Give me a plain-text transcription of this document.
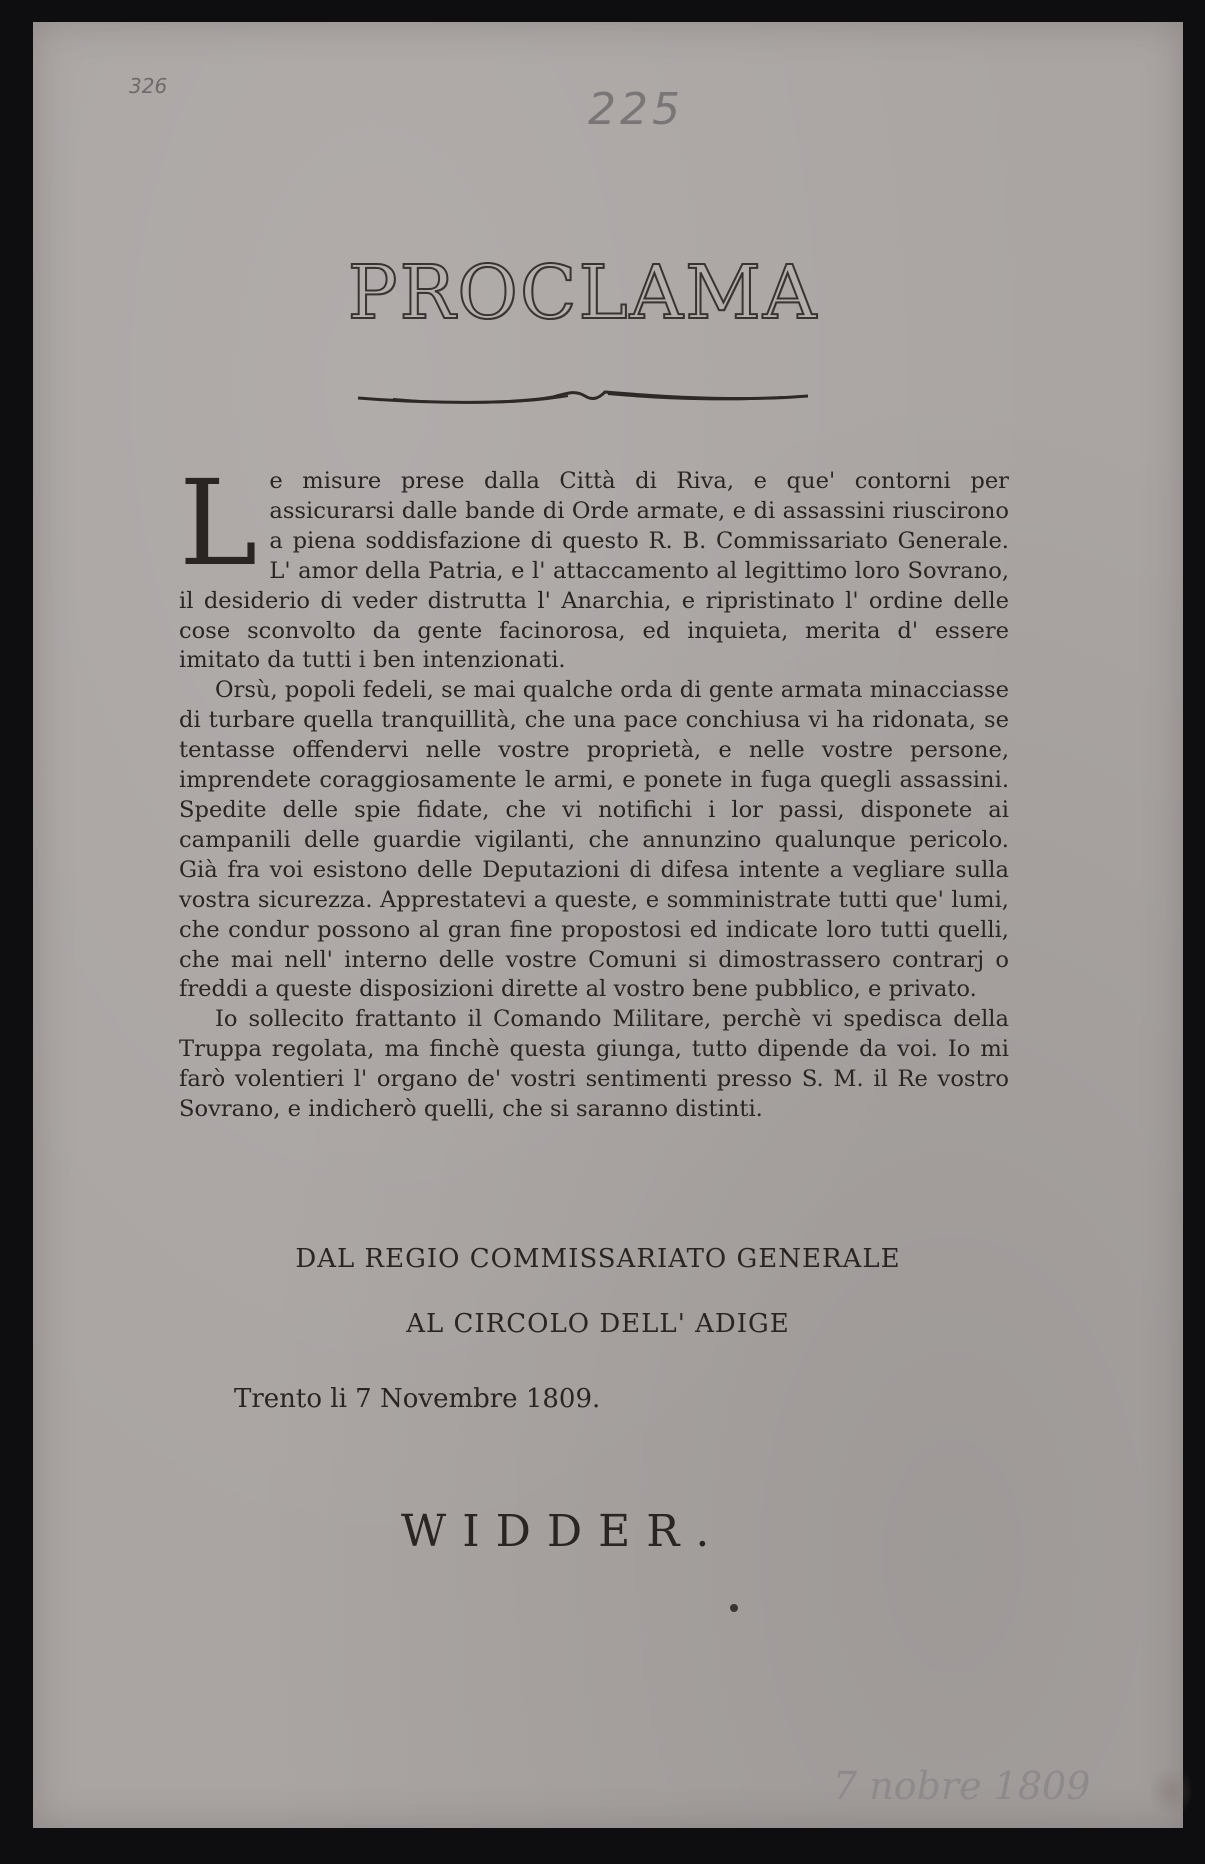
326	225
PROCLAMA

Le misure prese dalla Città di Riva, e que' contorni per assicurarsi dalle bande di Orde armate, e di assassini riuscirono a piena soddisfazione di questo R. B. Commissariato Generale. L' amor della Patria, e l' attaccamento al legittimo loro Sovrano, il desiderio di veder distrutta l' Anarchia, e ripristinato l' ordine delle cose sconvolto da gente facinorosa, ed inquieta, merita d' essere imitato da tutti i ben intenzionati.

Orsù, popoli fedeli, se mai qualche orda di gente armata minacciasse di turbare quella tranquillità, che una pace conchiusa vi ha ridonata, se tentasse offendervi nelle vostre proprietà, e nelle vostre persone, imprendete coraggiosamente le armi, e ponete in fuga quegli assassini. Spedite delle spie fidate, che vi notifichi i lor passi, disponete ai campanili delle guardie vigilanti, che annunzino qualunque pericolo. Già fra voi esistono delle Deputazioni di difesa intente a vegliare sulla vostra sicurezza. Apprestatevi a queste, e somministrate tutti que' lumi, che condur possono al gran fine propostosi ed indicate loro tutti quelli, che mai nell' interno delle vostre Comuni si dimostrassero contrarj o freddi a queste disposizioni dirette al vostro bene pubblico, e privato.

Io sollecito frattanto il Comando Militare, perchè vi spedisca della Truppa regolata, ma finchè questa giunga, tutto dipende da voi. Io mi farò volentieri l' organo de' vostri sentimenti presso S. M. il Re vostro Sovrano, e indicherò quelli, che si saranno distinti.

DAL REGIO COMMISSARIATO GENERALE
AL CIRCOLO DELL' ADIGE
Trento li 7 Novembre 1809.
WIDDER.
7 nobre 1809
